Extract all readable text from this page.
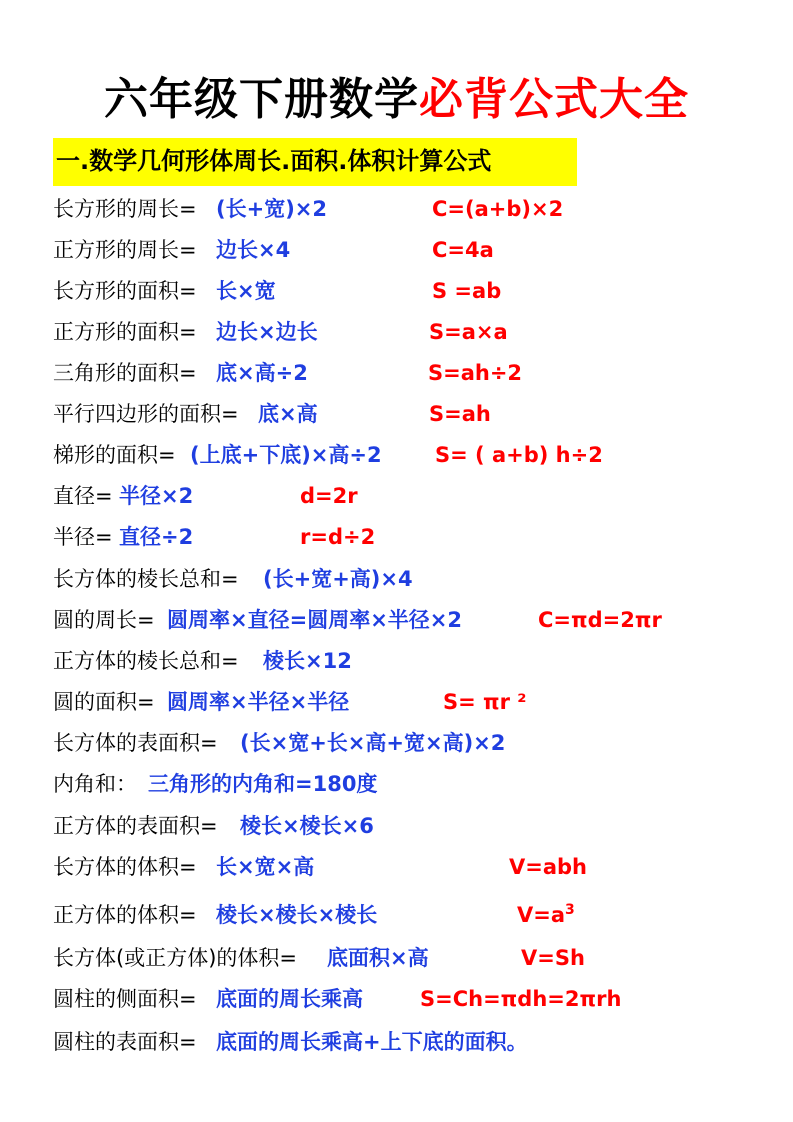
六年级下册数学必背公式大全
一.数学几何形体周长.面积.体积计算公式
长方形的周长= (长+宽)×2	C=(a+b)×2
正方形的周长= 边长×4	C=4a
长方形的面积= 长×宽	S =ab
正方形的面积= 边长×边长	S=a×a
三角形的面积= 底×高÷2	S=ah÷2
平行四边形的面积= 底×高	S=ah
梯形的面积= (上底+下底)×高÷2	S= ( a+b) h÷2
直径= 半径×2	d=2r
半径= 直径÷2	r=d÷2
长方体的棱长总和= (长+宽+高)×4
圆的周长= 圆周率×直径=圆周率×半径×2	C=πd=2πr
正方体的棱长总和= 棱长×12
圆的面积= 圆周率×半径×半径	S= πr ²
长方体的表面积= (长×宽+长×高+宽×高)×2
内角和： 三角形的内角和=180度
正方体的表面积= 棱长×棱长×6
长方体的体积= 长×宽×高	V=abh
正方体的体积= 棱长×棱长×棱长	$V=a^3$
长方体(或正方体)的体积= 底面积×高	V=Sh
圆柱的侧面积= 底面的周长乘高	S=Ch=πdh=2πrh
圆柱的表面积= 底面的周长乘高+上下底的面积。
